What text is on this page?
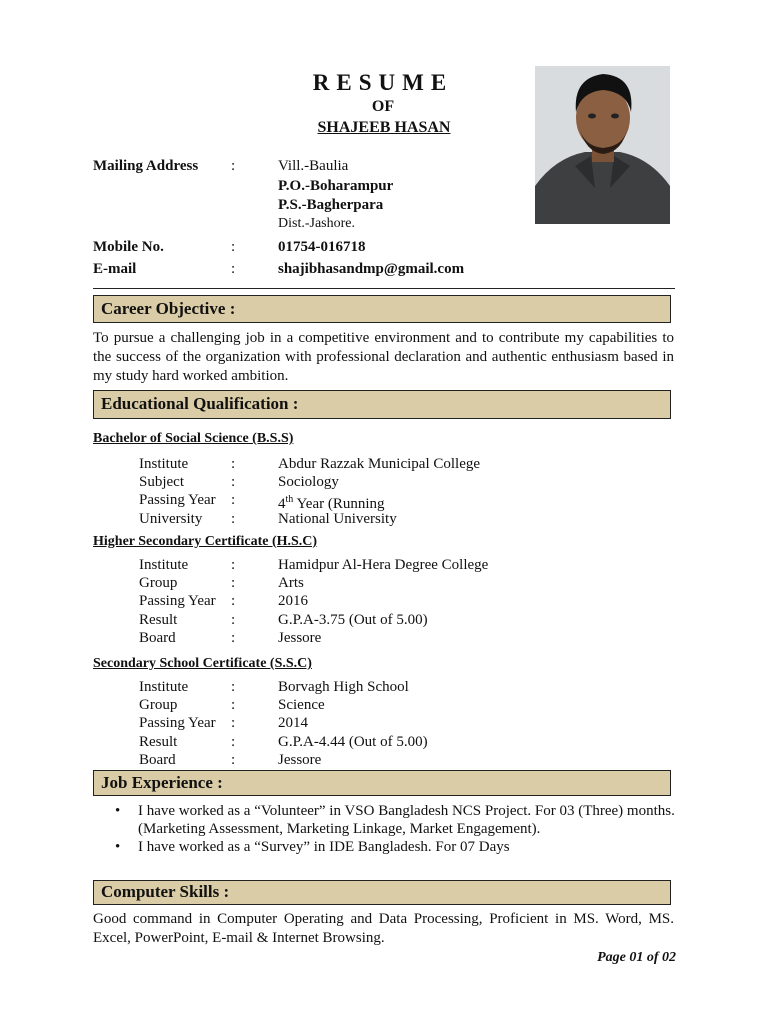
RESUME
OF
SHAJEEB HASAN
Mailing Address :	Vill.-Baulia
P.O.-Boharampur
P.S.-Bagherpara
Dist.-Jashore.
Mobile No.	:	01754-016718
E-mail	:	shajibhasandmp@gmail.com
Career Objective :
To pursue a challenging job in a competitive environment and to contribute my capabilities to the success of the organization with professional declaration and authentic enthusiasm based in my study hard worked ambition.
Educational Qualification :
Bachelor of Social Science (B.S.S)
Institute	:	Abdur Razzak Municipal College
Subject	:	Sociology
Passing Year :	4th Year (Running
University :	National University
Higher Secondary Certificate (H.S.C)
Institute	:	Hamidpur Al-Hera Degree College
Group	:	Arts
Passing Year :	2016
Result	:	G.P.A-3.75 (Out of 5.00)
Board	:	Jessore
Secondary School Certificate (S.S.C)
Institute	:	Borvagh High School
Group	:	Science
Passing Year :	2014
Result	:	G.P.A-4.44 (Out of 5.00)
Board	:	Jessore
Job Experience :
• I have worked as a “Volunteer” in VSO Bangladesh NCS Project. For 03 (Three) months. (Marketing Assessment, Marketing Linkage, Market Engagement).
• I have worked as a “Survey” in IDE Bangladesh. For 07 Days
Computer Skills :
Good command in Computer Operating and Data Processing, Proficient in MS. Word, MS. Excel, PowerPoint, E-mail & Internet Browsing.
Page 01 of 02
